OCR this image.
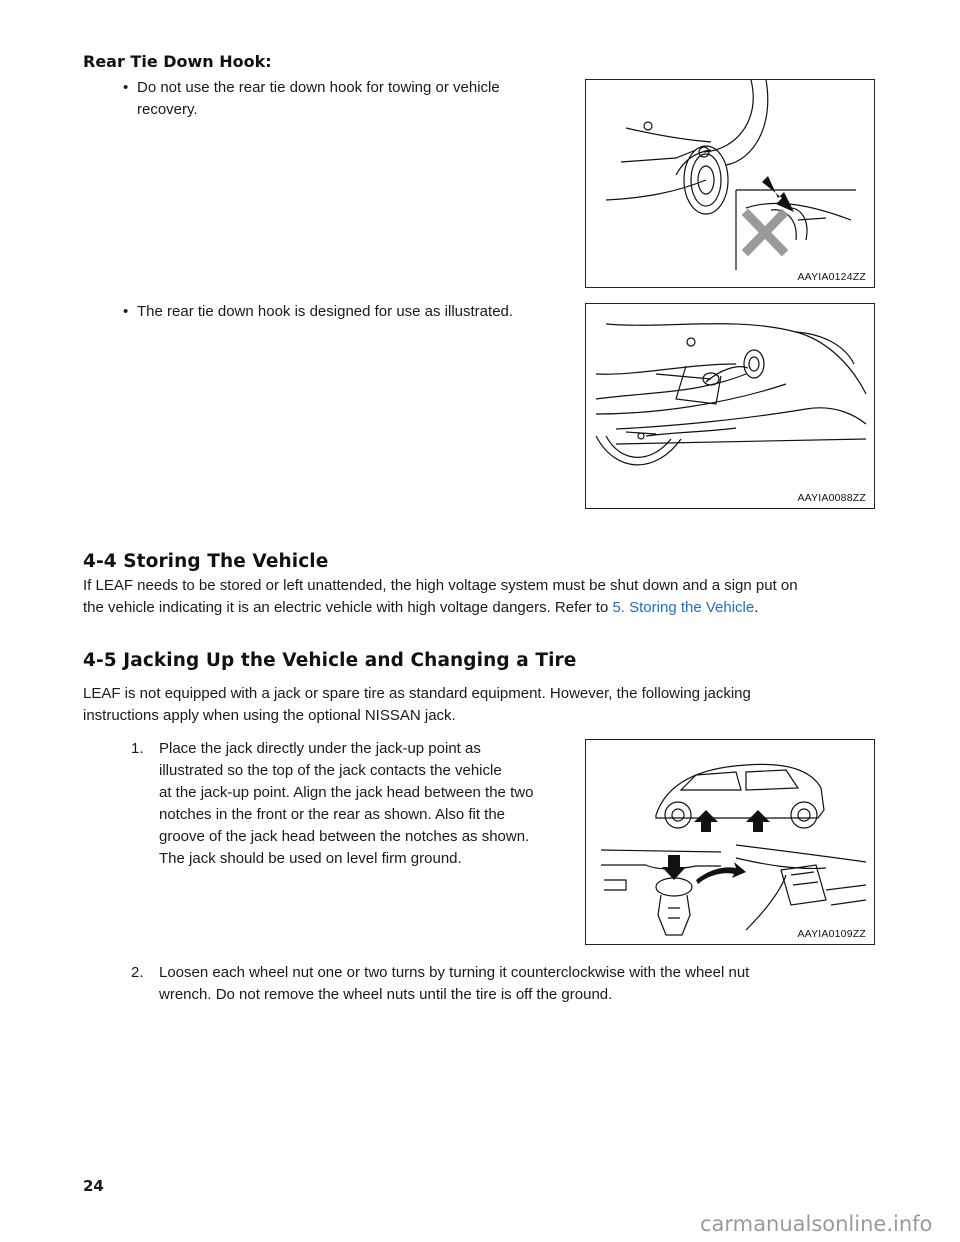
Rear Tie Down Hook:
• Do not use the rear tie down hook for towing or vehicle
recovery.
AAYIA0124ZZ
• The rear tie down hook is designed for use as illustrated.
AAYIA0088ZZ
4-4 Storing The Vehicle
If LEAF needs to be stored or left unattended, the high voltage system must be shut down and a sign put on
the vehicle indicating it is an electric vehicle with high voltage dangers. Refer to 5. Storing the Vehicle.
4-5 Jacking Up the Vehicle and Changing a Tire
LEAF is not equipped with a jack or spare tire as standard equipment. However, the following jacking
instructions apply when using the optional NISSAN jack.
1. Place the jack directly under the jack-up point as
illustrated so the top of the jack contacts the vehicle
at the jack-up point. Align the jack head between the two
notches in the front or the rear as shown. Also fit the
groove of the jack head between the notches as shown.
The jack should be used on level firm ground.
AAYIA0109ZZ
2. Loosen each wheel nut one or two turns by turning it counterclockwise with the wheel nut
wrench. Do not remove the wheel nuts until the tire is off the ground.
24
carmanualsonline.info
